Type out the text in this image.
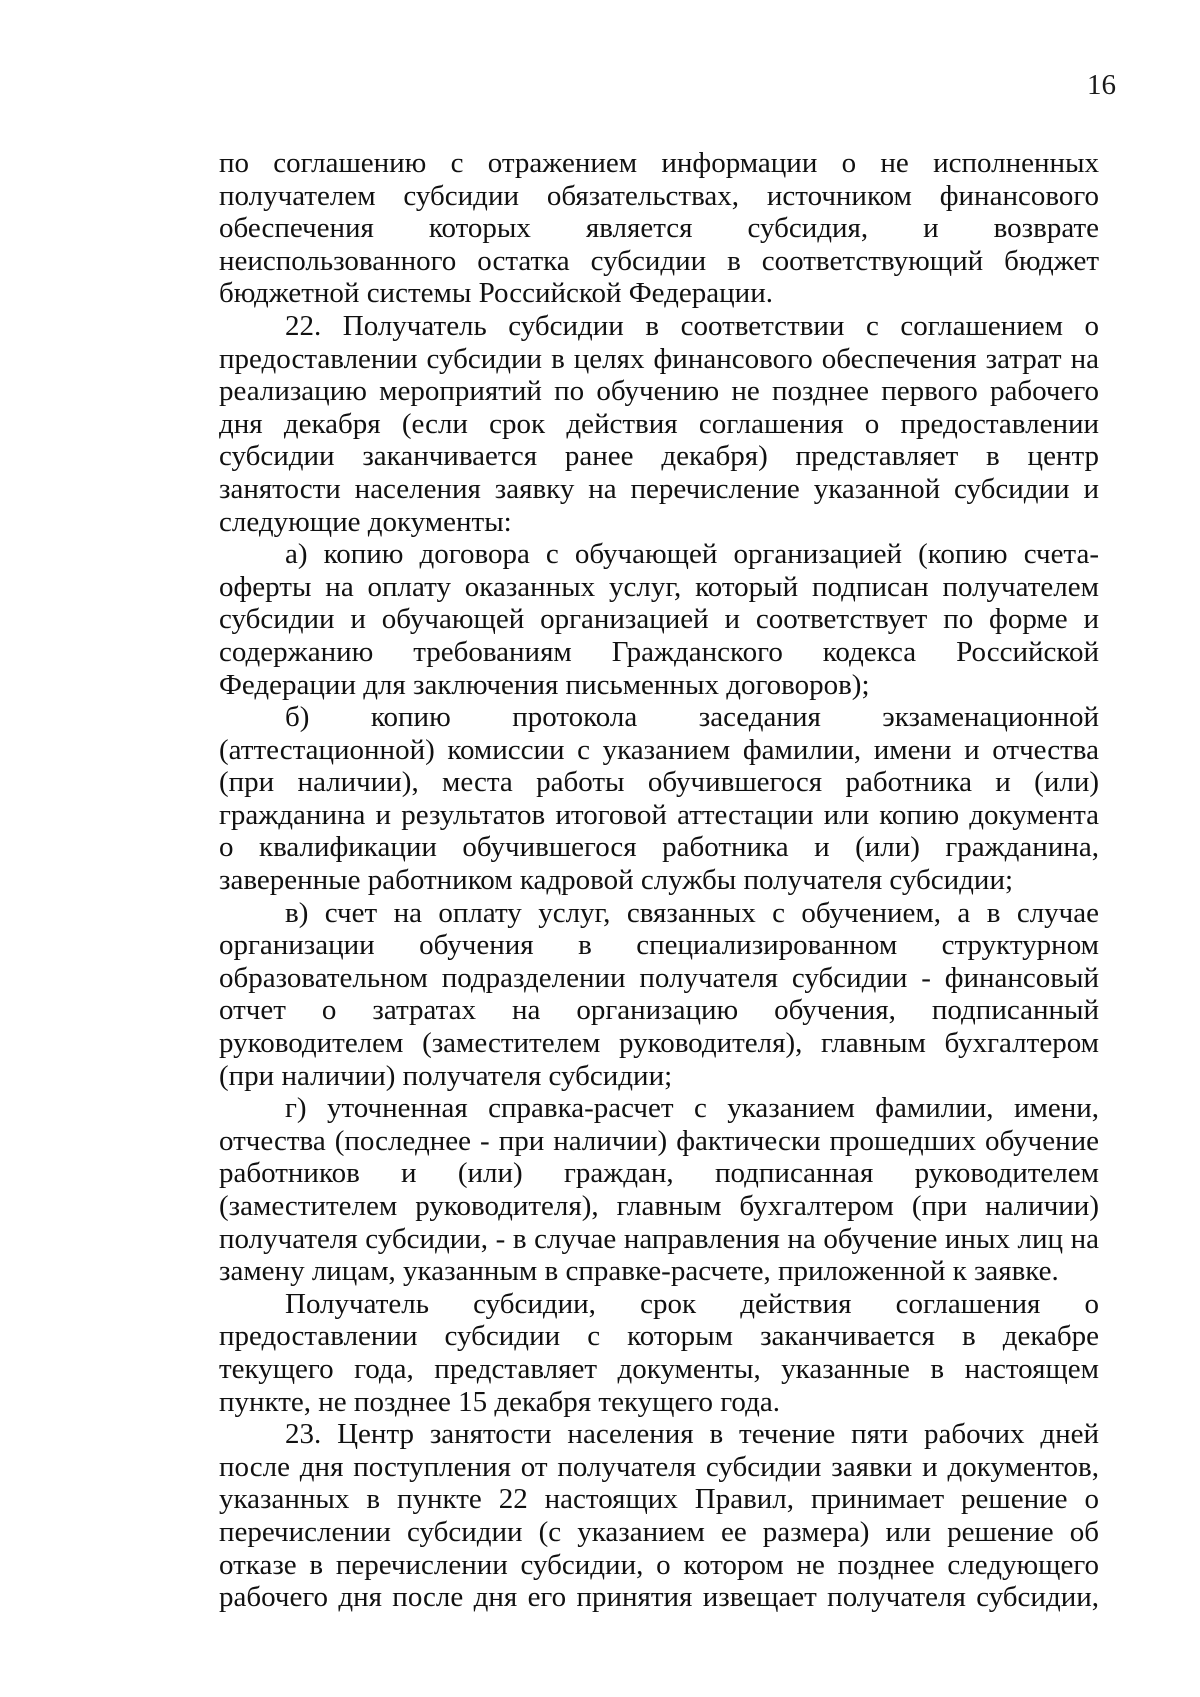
16

по соглашению с отражением информации о не исполненных получателем субсидии обязательствах, источником финансового обеспечения которых является субсидия, и возврате неиспользованного остатка субсидии в соответствующий бюджет бюджетной системы Российской Федерации.

22. Получатель субсидии в соответствии с соглашением о предоставлении субсидии в целях финансового обеспечения затрат на реализацию мероприятий по обучению не позднее первого рабочего дня декабря (если срок действия соглашения о предоставлении субсидии заканчивается ранее декабря) представляет в центр занятости населения заявку на перечисление указанной субсидии и следующие документы:

а) копию договора с обучающей организацией (копию счета-оферты на оплату оказанных услуг, который подписан получателем субсидии и обучающей организацией и соответствует по форме и содержанию требованиям Гражданского кодекса Российской Федерации для заключения письменных договоров);

б) копию протокола заседания экзаменационной (аттестационной) комиссии с указанием фамилии, имени и отчества (при наличии), места работы обучившегося работника и (или) гражданина и результатов итоговой аттестации или копию документа о квалификации обучившегося работника и (или) гражданина, заверенные работником кадровой службы получателя субсидии;

в) счет на оплату услуг, связанных с обучением, а в случае организации обучения в специализированном структурном образовательном подразделении получателя субсидии - финансовый отчет о затратах на организацию обучения, подписанный руководителем (заместителем руководителя), главным бухгалтером (при наличии) получателя субсидии;

г) уточненная справка-расчет с указанием фамилии, имени, отчества (последнее - при наличии) фактически прошедших обучение работников и (или) граждан, подписанная руководителем (заместителем руководителя), главным бухгалтером (при наличии) получателя субсидии, - в случае направления на обучение иных лиц на замену лицам, указанным в справке-расчете, приложенной к заявке.

Получатель субсидии, срок действия соглашения о предоставлении субсидии с которым заканчивается в декабре текущего года, представляет документы, указанные в настоящем пункте, не позднее 15 декабря текущего года.

23. Центр занятости населения в течение пяти рабочих дней после дня поступления от получателя субсидии заявки и документов, указанных в пункте 22 настоящих Правил, принимает решение о перечислении субсидии (с указанием ее размера) или решение об отказе в перечислении субсидии, о котором не позднее следующего рабочего дня после дня его принятия извещает получателя субсидии,
